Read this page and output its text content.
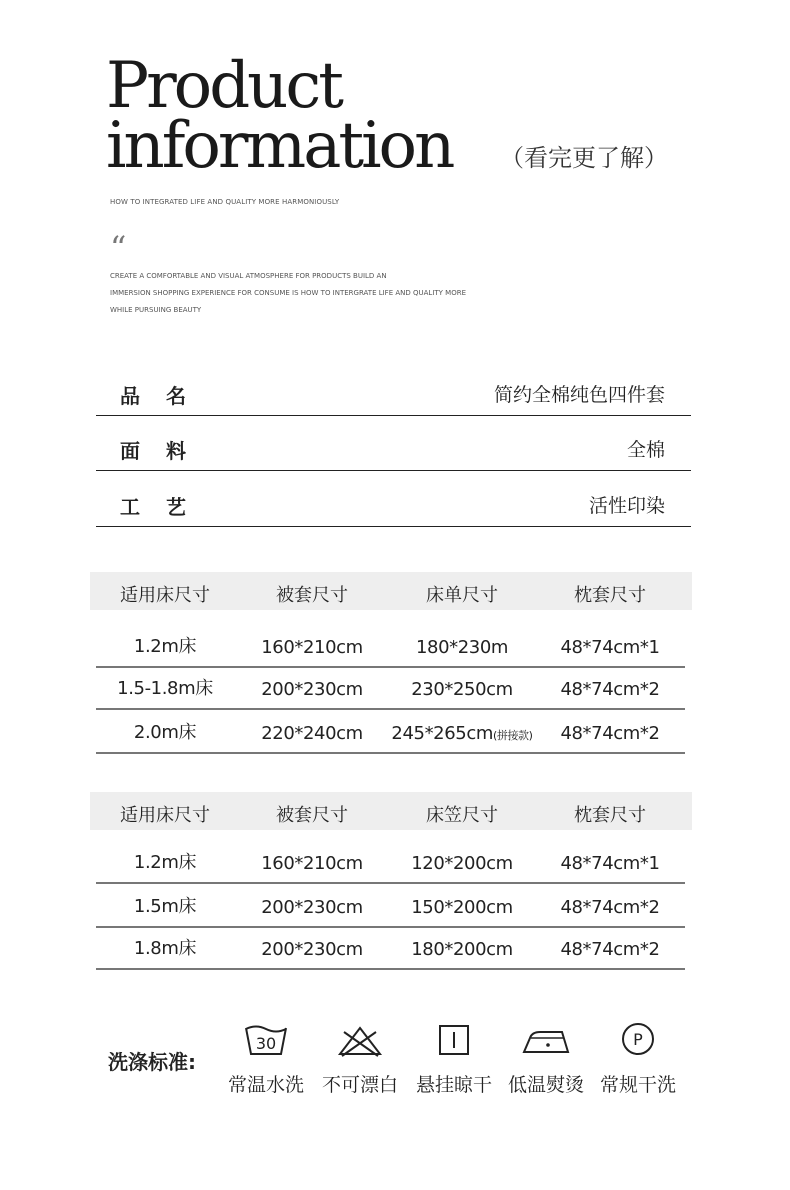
Product
information （看完更了解）
HOW TO INTEGRATED LIFE AND QUALITY MORE HARMONIOUSLY
“
CREATE A COMFORTABLE AND VISUAL ATMOSPHERE FOR PRODUCTS BUILD AN
IMMERSION SHOPPING EXPERIENCE FOR CONSUME IS HOW TO INTERGRATE LIFE AND QUALITY MORE
WHILE PURSUING BEAUTY
品名	简约全棉纯色四件套
面料	全棉
工艺	活性印染
适用床尺寸	被套尺寸	床单尺寸	枕套尺寸
1.2m床	160*210cm	180*230m	48*74cm*1
1.5-1.8m床	200*230cm	230*250cm	48*74cm*2
2.0m床	220*240cm	245*265cm(拼接款)	48*74cm*2
适用床尺寸	被套尺寸	床笠尺寸	枕套尺寸
1.2m床	160*210cm	120*200cm	48*74cm*1
1.5m床	200*230cm	150*200cm	48*74cm*2
1.8m床	200*230cm	180*200cm	48*74cm*2
洗涤标准:
30
常温水洗 不可漂白 悬挂晾干 低温熨烫
P
常规干洗
